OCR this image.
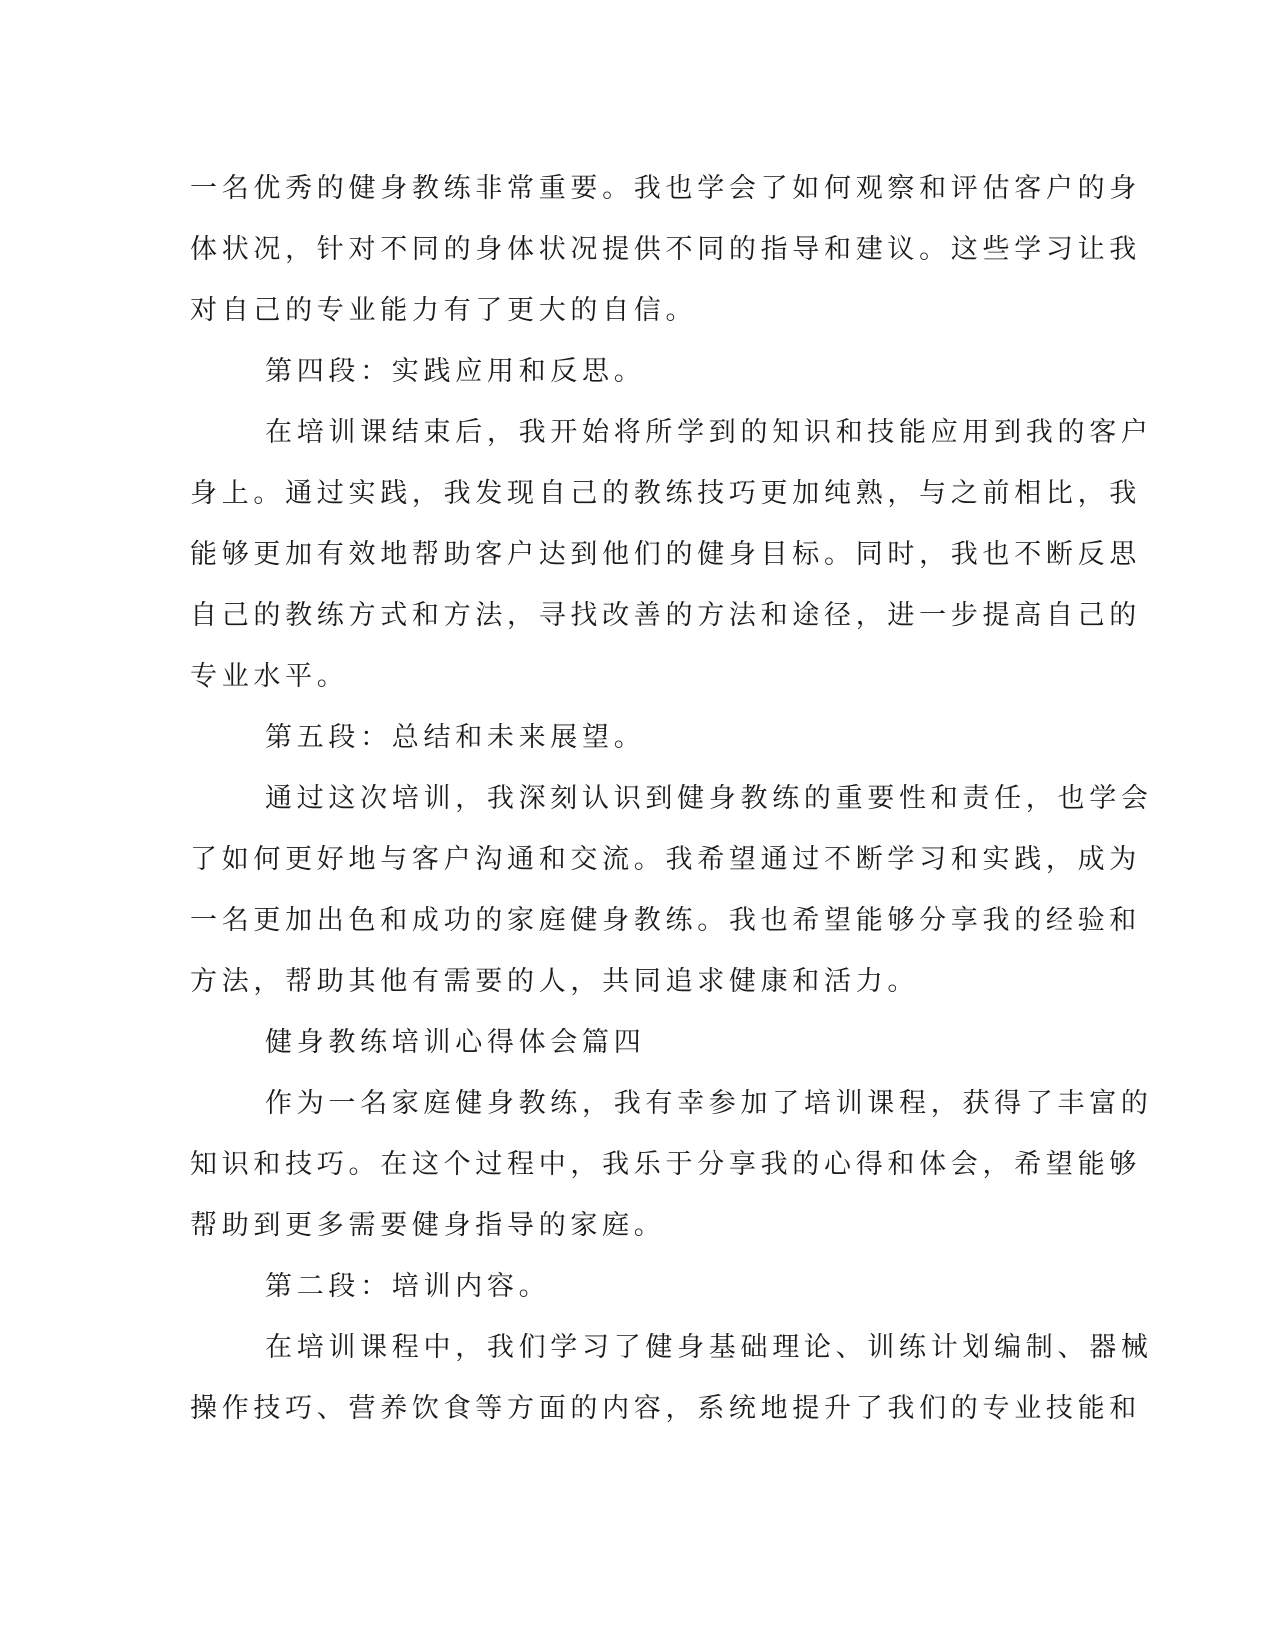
一名优秀的健身教练非常重要。我也学会了如何观察和评估客户的身
体状况，针对不同的身体状况提供不同的指导和建议。这些学习让我
对自己的专业能力有了更大的自信。
第四段：实践应用和反思。
在培训课结束后，我开始将所学到的知识和技能应用到我的客户
身上。通过实践，我发现自己的教练技巧更加纯熟，与之前相比，我
能够更加有效地帮助客户达到他们的健身目标。同时，我也不断反思
自己的教练方式和方法，寻找改善的方法和途径，进一步提高自己的
专业水平。
第五段：总结和未来展望。
通过这次培训，我深刻认识到健身教练的重要性和责任，也学会
了如何更好地与客户沟通和交流。我希望通过不断学习和实践，成为
一名更加出色和成功的家庭健身教练。我也希望能够分享我的经验和
方法，帮助其他有需要的人，共同追求健康和活力。
健身教练培训心得体会篇四
作为一名家庭健身教练，我有幸参加了培训课程，获得了丰富的
知识和技巧。在这个过程中，我乐于分享我的心得和体会，希望能够
帮助到更多需要健身指导的家庭。
第二段：培训内容。
在培训课程中，我们学习了健身基础理论、训练计划编制、器械
操作技巧、营养饮食等方面的内容，系统地提升了我们的专业技能和
